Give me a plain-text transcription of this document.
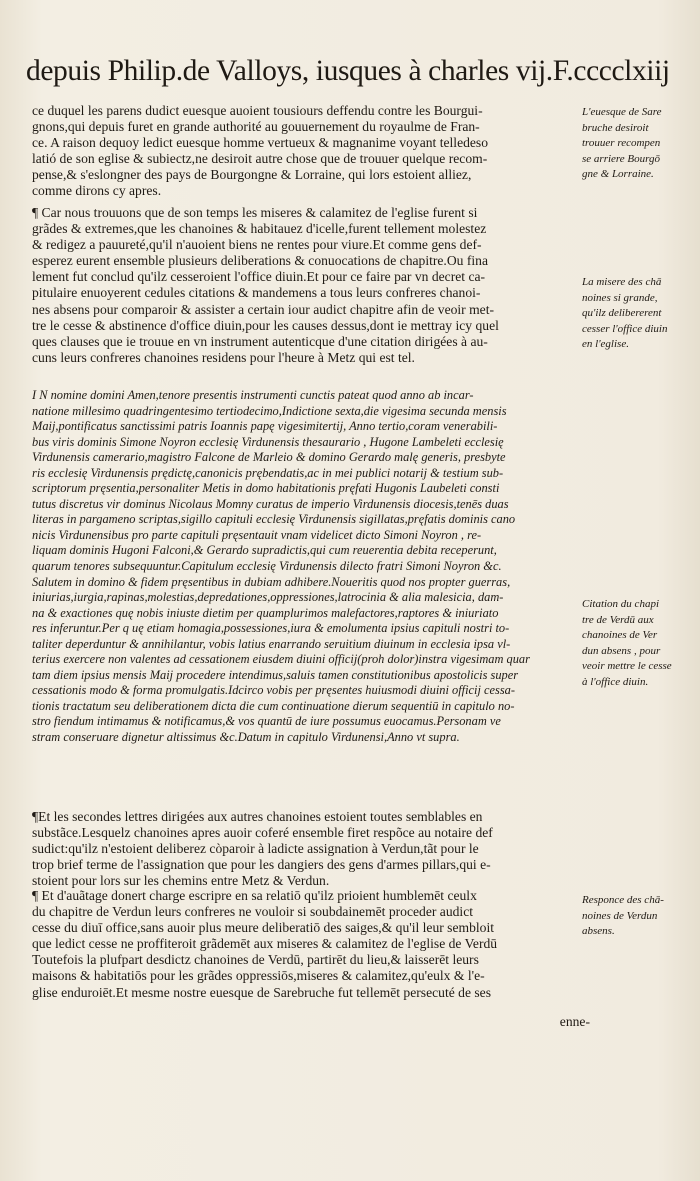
depuis Philip.de Valloys, iusques à charles vij.F.cccclxiij
ce duquel les parens dudict euesque auoient tousiours deffendu contre les Bourgui-
gnons,qui depuis furet en grande authorité au gouuernement du royaulme de Fran-
ce. A raison dequoy ledict euesque homme vertueux & magnanime voyant telledeso
latió de son eglise & subiectz,ne desiroit autre chose que de trouuer quelque recom-
pense,& s'eslongner des pays de Bourgongne & Lorraine, qui lors estoient alliez,
comme dirons cy apres.
¶ Car nous trouuons que de son temps les miseres & calamitez de l'eglise furent si
grãdes & extremes,que les chanoines & habitauez d'icelle,furent tellement molestez
& redigez a pauureté,qu'il n'auoient biens ne rentes pour viure.Et comme gens def-
esperez eurent ensemble plusieurs deliberations & conuocations de chapitre.Ou fina
lement fut conclud qu'ilz cesseroient l'office diuin.Et pour ce faire par vn decret ca-
pitulaire enuoyerent cedules citations & mandemens a tous leurs confreres chanoi-
nes absens pour comparoir & assister a certain iour audict chapitre afin de veoir met-
tre le cesse & abstinence d'office diuin,pour les causes dessus,dont ie mettray icy quel
ques clauses que ie trouue en vn instrument autenticque d'une citation dirigées à au-
cuns leurs confreres chanoines residens pour l'heure à Metz qui est tel.
I N nomine domini Amen,tenore presentis instrumenti cunctis pateat quod anno ab incar-
natione millesimo quadringentesimo tertiodecimo,Indictione sexta,die vigesima secunda mensis
Maij,pontificatus sanctissimi patris Ioannis papę vigesimitertij, Anno tertio,coram venerabili-
bus viris dominis Simone Noyron ecclesię Virdunensis thesaurario , Hugone Lambeleti ecclesię
Virdunensis camerario,magistro Falcone de Marleio & domino Gerardo malę generis, presbyte
ris ecclesię Virdunensis prędictę,canonicis prębendatis,ac in mei publici notarij & testium sub-
scriptorum pręsentia,personaliter Metis in domo habitationis pręfati Hugonis Laubeleti consti
tutus discretus vir dominus Nicolaus Momny curatus de imperio Virdunensis diocesis,tenēs duas
literas in pargameno scriptas,sigillo capituli ecclesię Virdunensis sigillatas,pręfatis dominis cano
nicis Virdunensibus pro parte capituli pręsentauit vnam videlicet dicto Simoni Noyron , re-
liquam dominis Hugoni Falconi,& Gerardo supradictis,qui cum reuerentia debita receperunt,
quarum tenores subsequuntur.Capitulum ecclesię Virdunensis dilecto fratri Simoni Noyron &c.
Salutem in domino & fidem pręsentibus in dubiam adhibere.Noueritis quod nos propter guerras,
iniurias,iurgia,rapinas,molestias,depredationes,oppressiones,latrocinia & alia malesicia, dam-
na & exactiones quę nobis iniuste dietim per quamplurimos malefactores,raptores & iniuriato
res inferuntur.Per q uę etiam homagia,possessiones,iura & emolumenta ipsius capituli nostri to-
taliter deperduntur & annihilantur, vobis latius enarrando seruitium diuinum in ecclesia ipsa vl-
terius exercere non valentes ad cessationem eiusdem diuini officij(proh dolor)instra vigesimam quar
tam diem ipsius mensis Maij procedere intendimus,saluis tamen constitutionibus apostolicis super
cessationis modo & forma promulgatis.Idcirco vobis per pręsentes huiusmodi diuini officij cessa-
tionis tractatum seu deliberationem dicta die cum continuatione dierum sequentiū in capitulo no-
stro fiendum intimamus & notificamus,& vos quantū de iure possumus euocamus.Personam ve
stram conseruare dignetur altissimus &c.Datum in capitulo Virdunensi,Anno vt supra.
¶Et les secondes lettres dirigées aux autres chanoines estoient toutes semblables en
substãce.Lesquelz chanoines apres auoir coferé ensemble firet respõce au notaire def
sudict:qu'ilz n'estoient deliberez còparoir à ladicte assignation à Verdun,tãt pour le
trop brief terme de l'assignation que pour les dangiers des gens d'armes pillars,qui e-
stoient pour lors sur les chemins entre Metz & Verdun.
¶ Et d'auãtage donert charge escripre en sa relatiō qu'ilz prioient humblemēt ceulx
du chapitre de Verdun leurs confreres ne vouloir si soubdainemēt proceder audict
cesse du diuī office,sans auoir plus meure deliberatiō des saiges,& qu'il leur sembloit
que ledict cesse ne proffiteroit grãdemēt aux miseres & calamitez de l'eglise de Verdū
Toutefois la plufpart desdictz chanoines de Verdū, partirēt du lieu,& laisserēt leurs
maisons & habitatiōs pour les grãdes oppressiōs,miseres & calamitez,qu'eulx & l'e-
glise enduroiēt.Et mesme nostre euesque de Sarebruche fut tellemēt persecuté de ses
enne-
L'euesque de Sare
bruche desiroit
trouuer recompen
se arriere Bourgō
gne & Lorraine.
La misere des chā
noines si grande,
qu'ilz delibererent
cesser l'office diuin
en l'eglise.
Citation du chapi
tre de Verdū aux
chanoines de Ver
dun absens , pour
veoir mettre le cesse
à l'office diuin.
Responce des chā-
noines de Verdun
absens.
